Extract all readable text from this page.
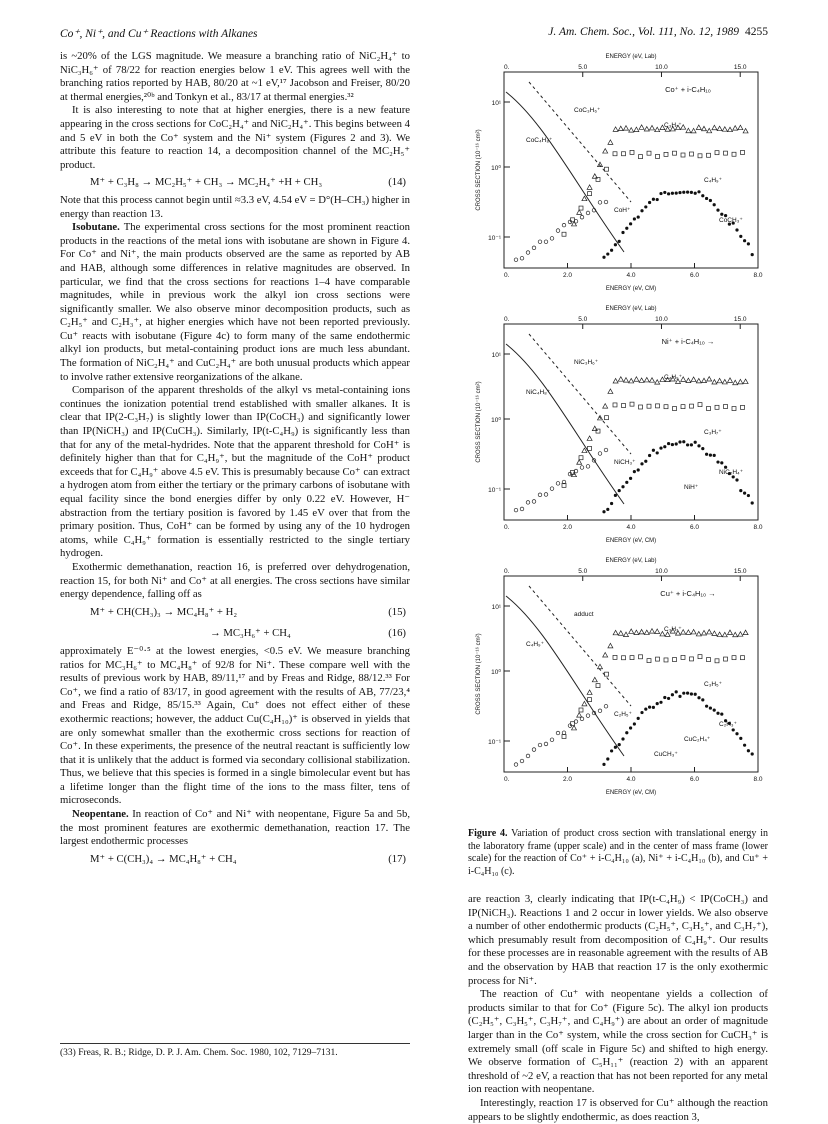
Co⁺, Ni⁺, and Cu⁺ Reactions with Alkanes	J. Am. Chem. Soc., Vol. 111, No. 12, 1989 4255

is ~20% of the LGS magnitude. We measure a branching ratio of NiC₂H₄⁺ to NiC₃H₆⁺ of 78/22 for reaction energies below 1 eV. This agrees well with the branching ratios reported by HAB, 80/20 at ~1 eV,¹⁷ Jacobson and Freiser, 80/20 at thermal energies,²⁰ᵇ and Tonkyn et al., 83/17 at thermal energies.³²

It is also interesting to note that at higher energies, there is a new feature appearing in the cross sections for CoC₂H₄⁺ and NiC₂H₄⁺. This begins between 4 and 5 eV in both the Co⁺ system and the Ni⁺ system (Figures 2 and 3). We attribute this feature to reaction 14, a decomposition channel of the MC₂H₅⁺ product.

M⁺ + C₃H₈ → MC₂H₅⁺ + CH₃ → MC₂H₄⁺ +H + CH₃	(14)

Note that this process cannot begin until ≈3.3 eV, 4.54 eV = D°(H–CH₃) higher in energy than reaction 13.

Isobutane. The experimental cross sections for the most prominent reaction products in the reactions of the metal ions with isobutane are shown in Figure 4. For Co⁺ and Ni⁺, the main products observed are the same as reported by AB and HAB, although some differences in relative magnitudes are observed. In particular, we find that the cross sections for reactions 1–4 have comparable magnitudes, while in previous work the alkyl ion cross sections were significantly smaller. We also observe minor decomposition products, such as C₂H₅⁺ and C₂H₃⁺, at higher energies which have not been reported previously. Cu⁺ reacts with isobutane (Figure 4c) to form many of the same endothermic alkyl ion products, but metal-containing product ions are much less abundant. The formation of NiC₂H₄⁺ and CuC₂H₄⁺ are both unusual products which appear to involve rather extensive reorganizations of the alkane.

Comparison of the apparent thresholds of the alkyl vs metal-containing ions continues the ionization potential trend established with smaller alkanes. It is clear that IP(2-C₃H₇) is slightly lower than IP(CoCH₃) and significantly lower than IP(NiCH₃) and IP(CuCH₃). Similarly, IP(t-C₄H₉) is significantly less than that for any of the metal-hydrides. Note that the apparent threshold for CoH⁺ is definitely higher than that for C₄H₉⁺, but the magnitude of the CoH⁺ product exceeds that for C₄H₉⁺ above 4.5 eV. This is presumably because Co⁺ can extract a hydrogen atom from either the tertiary or the primary carbons of isobutane with equal facility since the bond energies differ by only 0.22 eV. However, H⁻ abstraction from the tertiary position is favored by 1.45 eV over that from the primary position. Thus, CoH⁺ can be formed by using any of the 10 hydrogen atoms, while C₄H₉⁺ formation is essentially restricted to the single tertiary hydrogen.

Exothermic demethanation, reaction 16, is preferred over dehydrogenation, reaction 15, for both Ni⁺ and Co⁺ at all energies. The cross sections have similar energy dependence, falling off as

M⁺ + CH(CH₃)₃ → MC₄H₈⁺ + H₂	(15)
→ MC₃H₆⁺ + CH₄	(16)

approximately E⁻⁰·⁵ at the lowest energies, <0.5 eV. We measure branching ratios for MC₃H₆⁺ to MC₄H₈⁺ of 92/8 for Ni⁺. These compare well with the results of previous work by HAB, 89/11,¹⁷ and by Freas and Ridge, 88/12.³³ For Co⁺, we find a ratio of 83/17, in good agreement with the results of AB, 77/23,⁴ and Freas and Ridge, 85/15.³³ Again, Cu⁺ does not effect either of these exothermic reactions; however, the adduct Cu(C₄H₁₀)⁺ is observed in yields that are only somewhat smaller than the exothermic cross sections for reaction of Co⁺. In these experiments, the presence of the neutral reactant is sufficiently low that it is unlikely that the adduct is formed via secondary collisional stabilization. Thus, we believe that this species is formed in a single bimolecular event but has a lifetime longer than the flight time of the ions to the mass filter, tens of microseconds.

Neopentane. In reaction of Co⁺ and Ni⁺ with neopentane, Figure 5a and 5b, the most prominent features are exothermic demethanation, reaction 17. The largest endothermic processes

M⁺ + C(CH₃)₄ → MC₄H₈⁺ + CH₄	(17)
(33) Freas, R. B.; Ridge, D. P. J. Am. Chem. Soc. 1980, 102, 7129–7131.
ENERGY (eV, Lab)
0.	5.0	10.0	15.0
0.	2.0	4.0	6.0	8.0
ENERGY (eV, CM)
CROSS SECTION (10⁻¹⁶ cm²)
10¹
10⁰
10⁻¹
Co⁺ + i-C₄H₁₀
CoC₃H₆⁺
CoC₄H₈⁺
C₃H₇⁺
C₄H₉⁺
CoH⁺
CoCH₃⁺
ENERGY (eV, Lab)
0.	5.0	10.0	15.0
0.	2.0	4.0	6.0	8.0
ENERGY (eV, CM)
CROSS SECTION (10⁻¹⁶ cm²)
10¹
10⁰
10⁻¹
Ni⁺ + i-C₄H₁₀ →
NiC₃H₆⁺
NiC₄H₈⁺
C₄H₉⁺
C₃H₇⁺
NiCH₃⁺
NiC₂H₄⁺
NiH⁺
ENERGY (eV, Lab)
0.	5.0	10.0	15.0
0.	2.0	4.0	6.0	8.0
ENERGY (eV, CM)
CROSS SECTION (10⁻¹⁶ cm²)
10¹
10⁰
10⁻¹
Cu⁺ + i-C₄H₁₀ →
adduct
C₄H₉⁺
C₃H₇⁺
C₃H₅⁺
C₂H₅⁺
C₂H₃⁺
CuC₂H₄⁺
CuCH₃⁺
Figure 4. Variation of product cross section with translational energy in the laboratory frame (upper scale) and in the center of mass frame (lower scale) for the reaction of Co⁺ + i-C₄H₁₀ (a), Ni⁺ + i-C₄H₁₀ (b), and Cu⁺ + i-C₄H₁₀ (c).

are reaction 3, clearly indicating that IP(t-C₄H₉) < IP(CoCH₃) and IP(NiCH₃). Reactions 1 and 2 occur in lower yields. We also observe a number of other endothermic products (C₂H₅⁺, C₃H₅⁺, and C₃H₇⁺), which presumably result from decomposition of C₄H₉⁺. Our results for these processes are in reasonable agreement with the results of AB and the observation by HAB that reaction 17 is the only exothermic process for Ni⁺.

The reaction of Cu⁺ with neopentane yields a collection of products similar to that for Co⁺ (Figure 5c). The alkyl ion products (C₂H₅⁺, C₃H₅⁺, C₃H₇⁺, and C₄H₉⁺) are about an order of magnitude larger than in the Co⁺ system, while the cross section for CuCH₃⁺ is extremely small (off scale in Figure 5c) and shifted to high energy. We observe formation of C₅H₁₁⁺ (reaction 2) with an apparent threshold of ~2 eV, a reaction that has not been reported for any metal ion reaction with neopentane.

Interestingly, reaction 17 is observed for Cu⁺ although the reaction appears to be slightly endothermic, as does reaction 3,
